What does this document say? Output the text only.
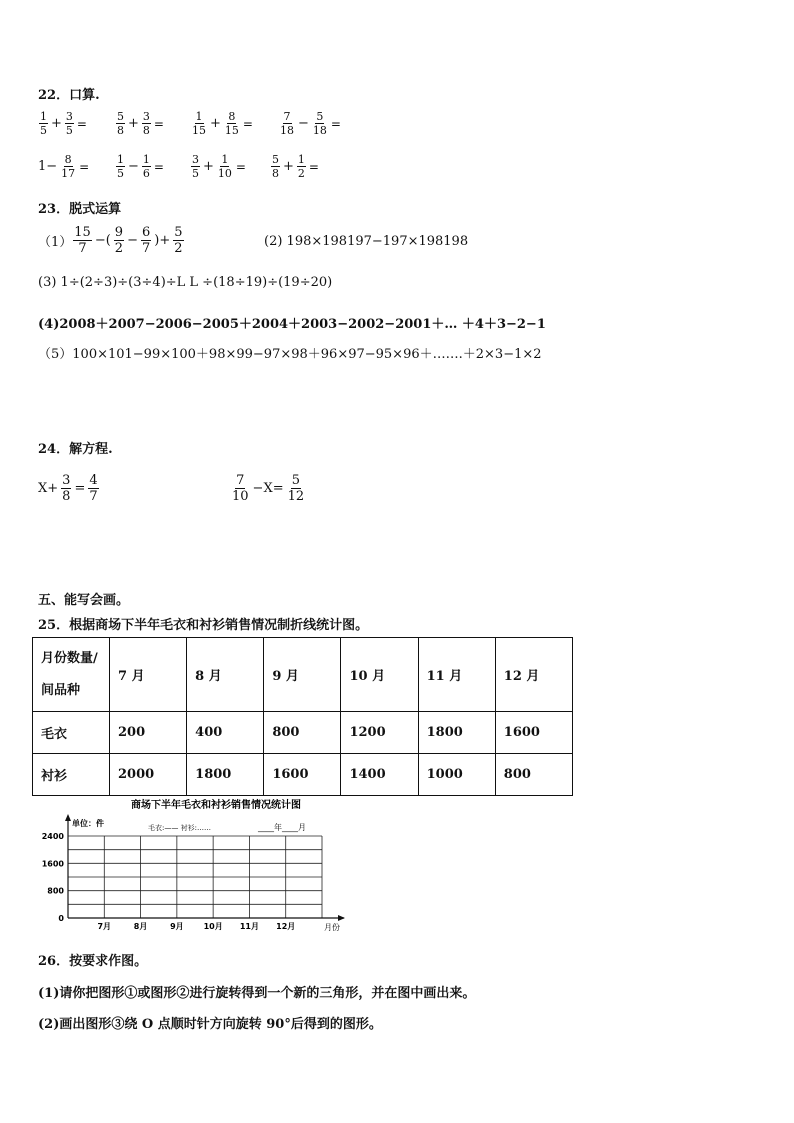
22．口算.
$\frac{1}{5} + \frac{3}{5}$ =	$\frac{5}{8} + \frac{3}{8} = \frac{1}{15} + \frac{8}{15} = \frac{7}{18} - \frac{5}{18}$ =
$1- \frac{8}{17} = \frac{1}{5} - \frac{1}{6} = \frac{3}{5} + \frac{1}{10} = \frac{5}{8} + \frac{1}{2}$ =
23．脱式运算
$(1) \frac{15}{7}$ −( $\frac{9}{2} - \frac{6}{7}$ )+ $\frac{5}{2}$	(2) 198×198197−197×198198
(3) 1÷(2÷3)÷(3÷4)÷L L ÷(18÷19)÷(19÷20)
(4)2008＋2007−2006−2005＋2004＋2003−2002−2001＋… ＋4＋3−2−1
（5）100×101−99×100＋98×99−97×98＋96×97−95×96＋…….＋2×3−1×2
24．解方程.
$X+ \frac{3}{8} = \frac{4}{7}$	$\frac{7}{10} -X= \frac{5}{12}$
五、能写会画。
25．根据商场下半年毛衣和衬衫销售情况制折线统计图。
月份数量/
间品种	7 月	8 月	9 月	10 月	11 月	12 月
毛衣	200	400	800	1200	1800	1600
衬衫	2000	1800	1600	1400	1000	800
商场下半年毛衣和衬衫销售情况统计图
单位：件	毛衣:—— 衬衫:……	____年____月
2400
1600
800
0
7月	8月	9月 10月 11月 12月	月份
26．按要求作图。
(1)请你把图形①或图形②进行旋转得到一个新的三角形，并在图中画出来。
(2)画出图形③绕 O 点顺时针方向旋转 90°后得到的图形。
